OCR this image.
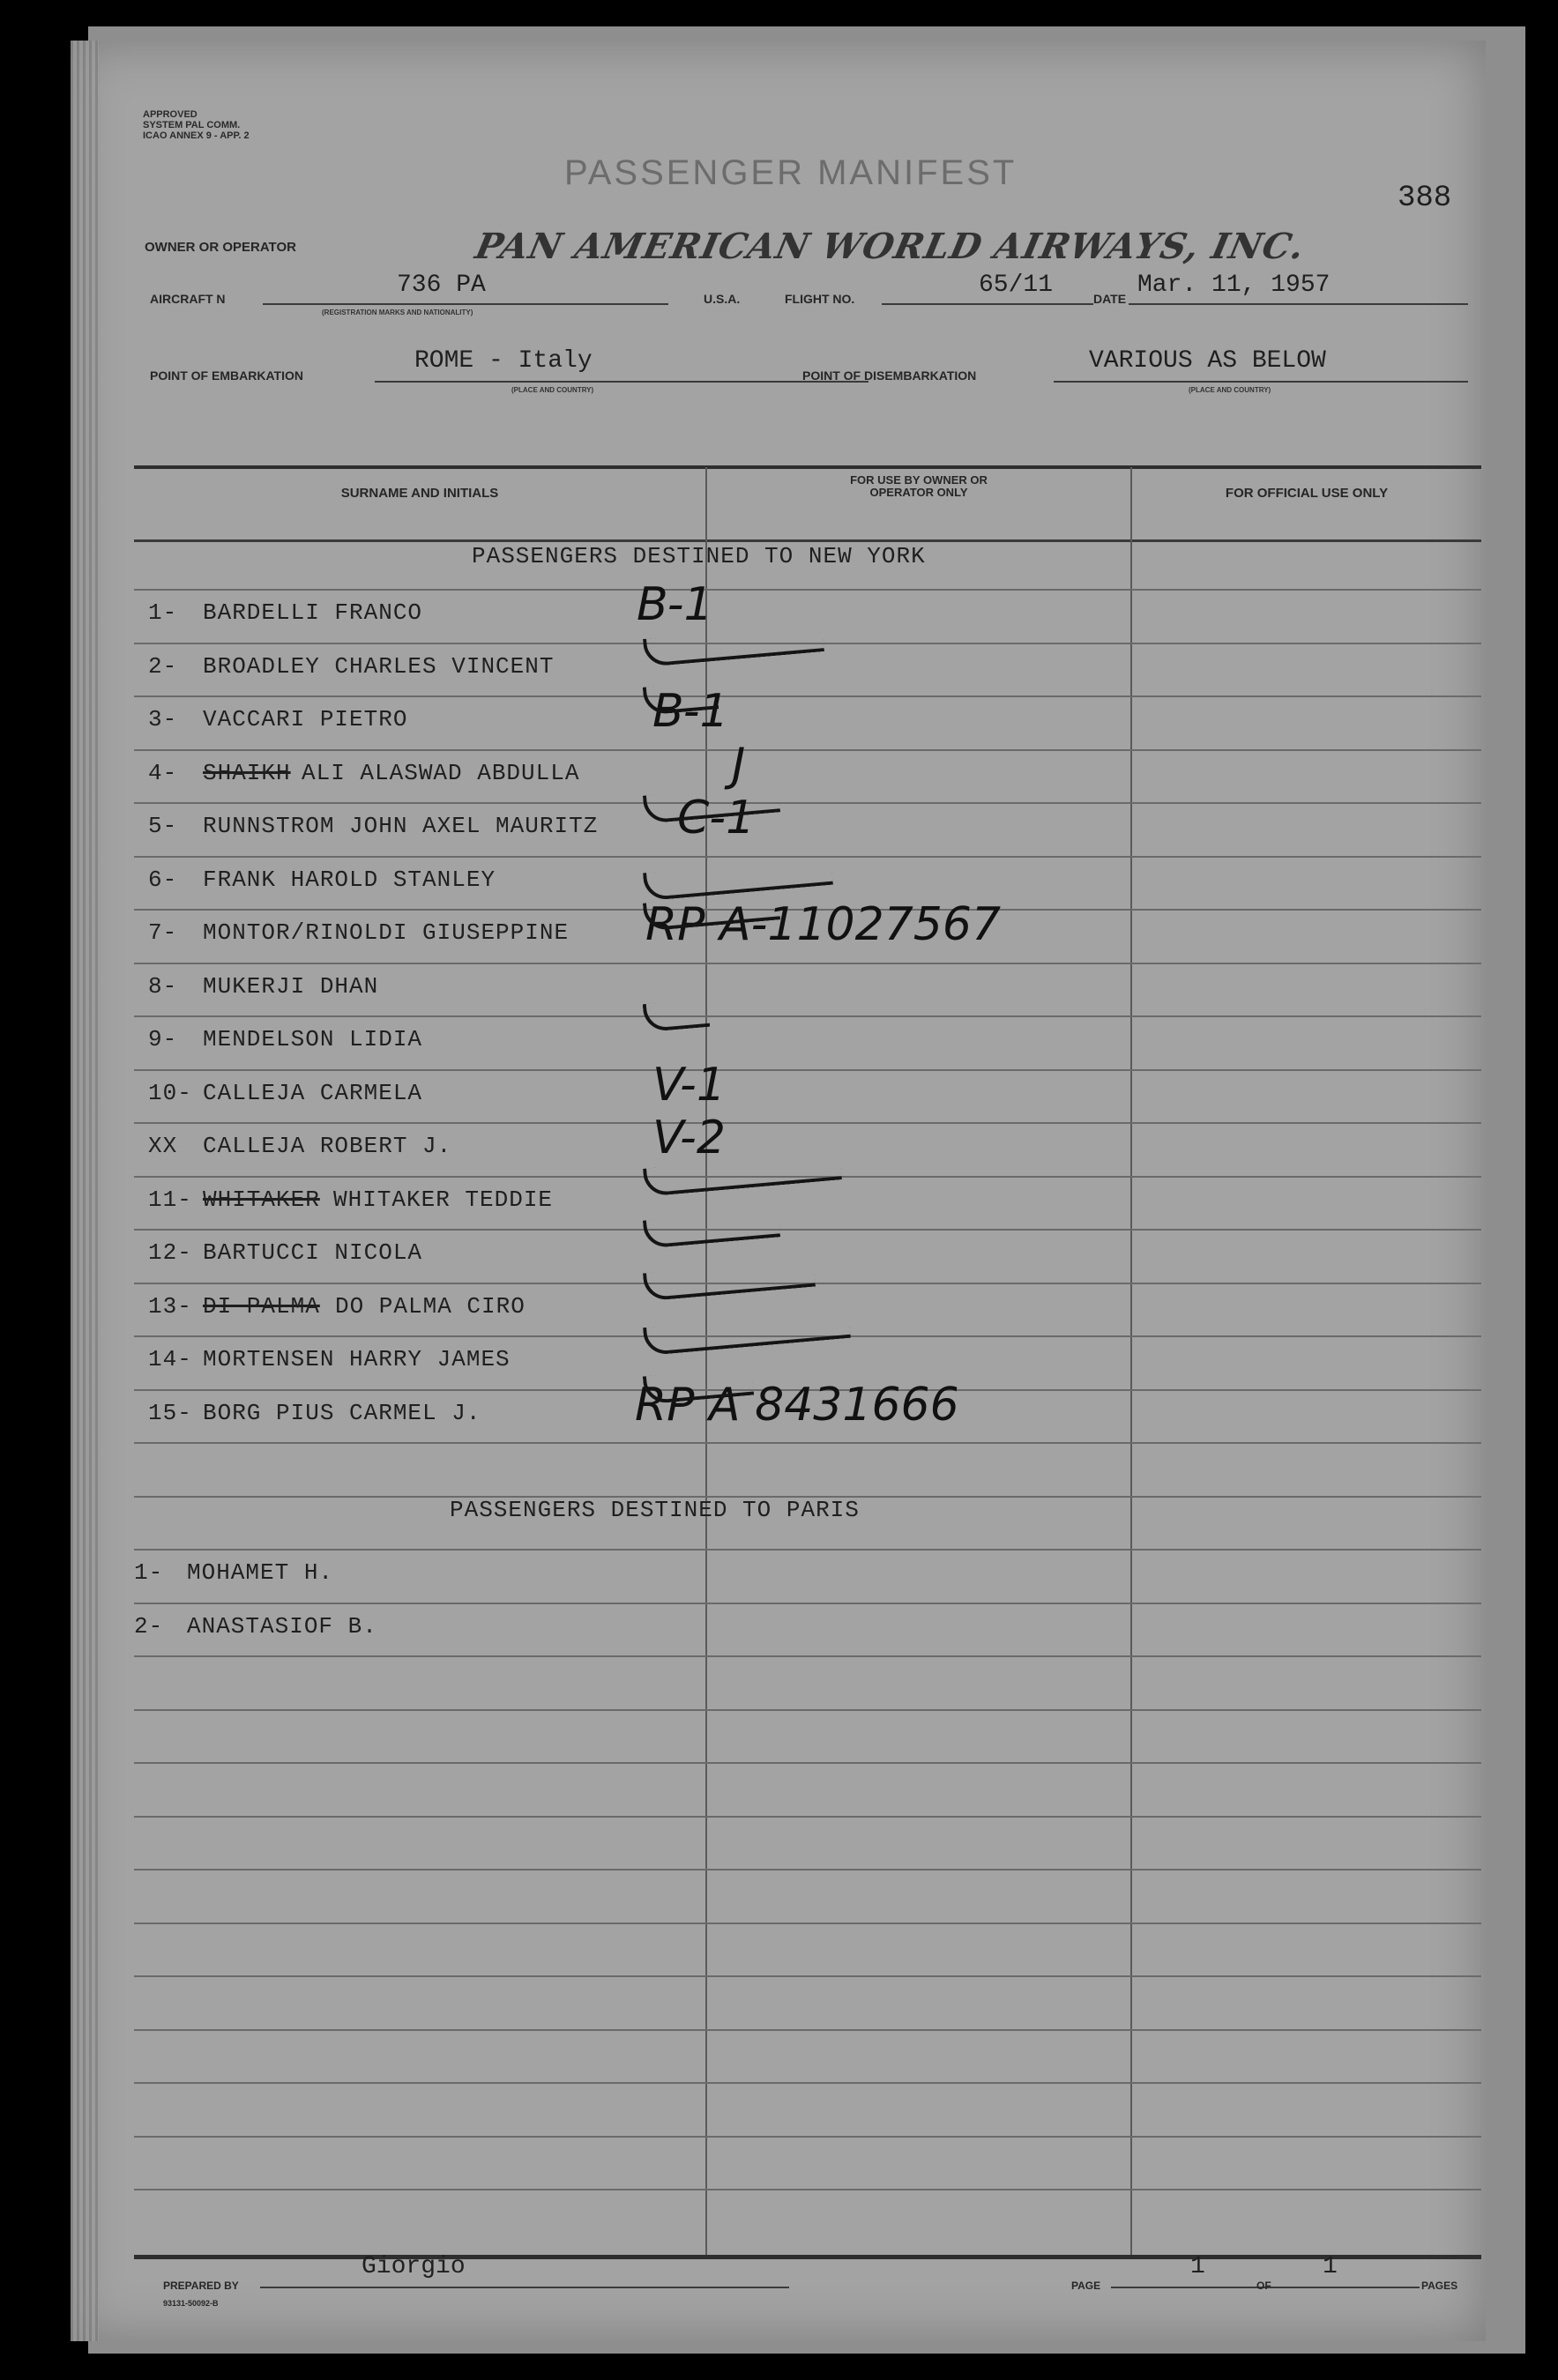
APPROVED
SYSTEM PAL COMM.
ICAO ANNEX 9 - APP. 2
PASSENGER MANIFEST
388
OWNER OR OPERATOR	PAN AMERICAN WORLD AIRWAYS, INC.
AIRCRAFT N	736 PA
(REGISTRATION MARKS AND NATIONALITY)
U.S.A.	FLIGHT NO.	65/11	DATE Mar. 11, 1957
POINT OF EMBARKATION
ROME - Italy
(PLACE AND COUNTRY)
POINT OF DISEMBARKATION
VARIOUS AS BELOW
(PLACE AND COUNTRY)
SURNAME AND INITIALS
FOR USE BY OWNER OR OPERATOR ONLY	FOR OFFICIAL USE ONLY
PASSENGERS DESTINED TO NEW YORK
PASSENGERS DESTINED TO PARIS
1- BARDELLI FRANCO	B-1
2- BROADLEY CHARLES VINCENT
3- VACCARI PIETRO	B-1
4- SHAIKH ALI ALASWAD ABDULLA	J
5- RUNNSTROM JOHN AXEL MAURITZ C-1
6- FRANK HAROLD STANLEY
7- MONTOR/RINOLDI GIUSEPPINE RP A-11027567
8- MUKERJI DHAN
9- MENDELSON LIDIA
10- CALLEJA CARMELA	V-1
XX CALLEJA ROBERT J.	V-2
11- WHITAKER WHITAKER TEDDIE
12- BARTUCCI NICOLA
13- DI PALMA DO PALMA CIRO
14- MORTENSEN HARRY JAMES
15- BORG PIUS CARMEL J.	RP A 8431666
1- MOHAMET H.
2- ANASTASIOF B.
PREPARED BY
Giorgio
93131-50092-B
PAGE
1
OF
1
PAGES
